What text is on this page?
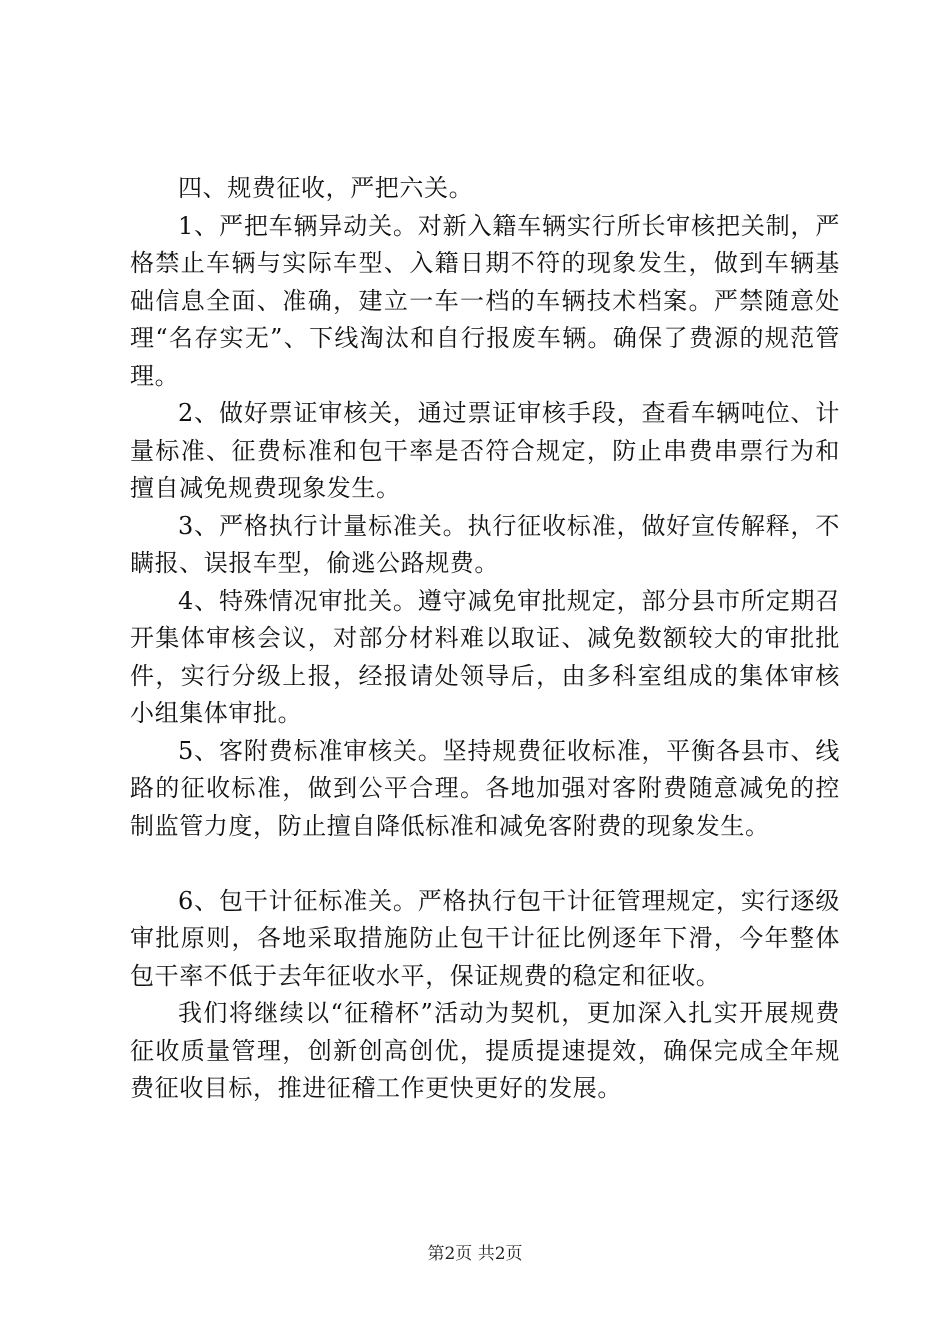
四、规费征收，严把六关。

1、严把车辆异动关。对新入籍车辆实行所长审核把关制，严格禁止车辆与实际车型、入籍日期不符的现象发生，做到车辆基础信息全面、准确，建立一车一档的车辆技术档案。严禁随意处理“名存实无”、下线淘汰和自行报废车辆。确保了费源的规范管理。

2、做好票证审核关，通过票证审核手段，查看车辆吨位、计量标准、征费标准和包干率是否符合规定，防止串费串票行为和擅自减免规费现象发生。

3、严格执行计量标准关。执行征收标准，做好宣传解释，不瞒报、误报车型，偷逃公路规费。

4、特殊情况审批关。遵守减免审批规定，部分县市所定期召开集体审核会议，对部分材料难以取证、减免数额较大的审批批件，实行分级上报，经报请处领导后，由多科室组成的集体审核小组集体审批。

5、客附费标准审核关。坚持规费征收标准，平衡各县市、线路的征收标准，做到公平合理。各地加强对客附费随意减免的控制监管力度，防止擅自降低标准和减免客附费的现象发生。

6、包干计征标准关。严格执行包干计征管理规定，实行逐级审批原则，各地采取措施防止包干计征比例逐年下滑，今年整体包干率不低于去年征收水平，保证规费的稳定和征收。

我们将继续以“征稽杯”活动为契机，更加深入扎实开展规费征收质量管理，创新创高创优，提质提速提效，确保完成全年规费征收目标，推进征稽工作更快更好的发展。

第2页 共2页
